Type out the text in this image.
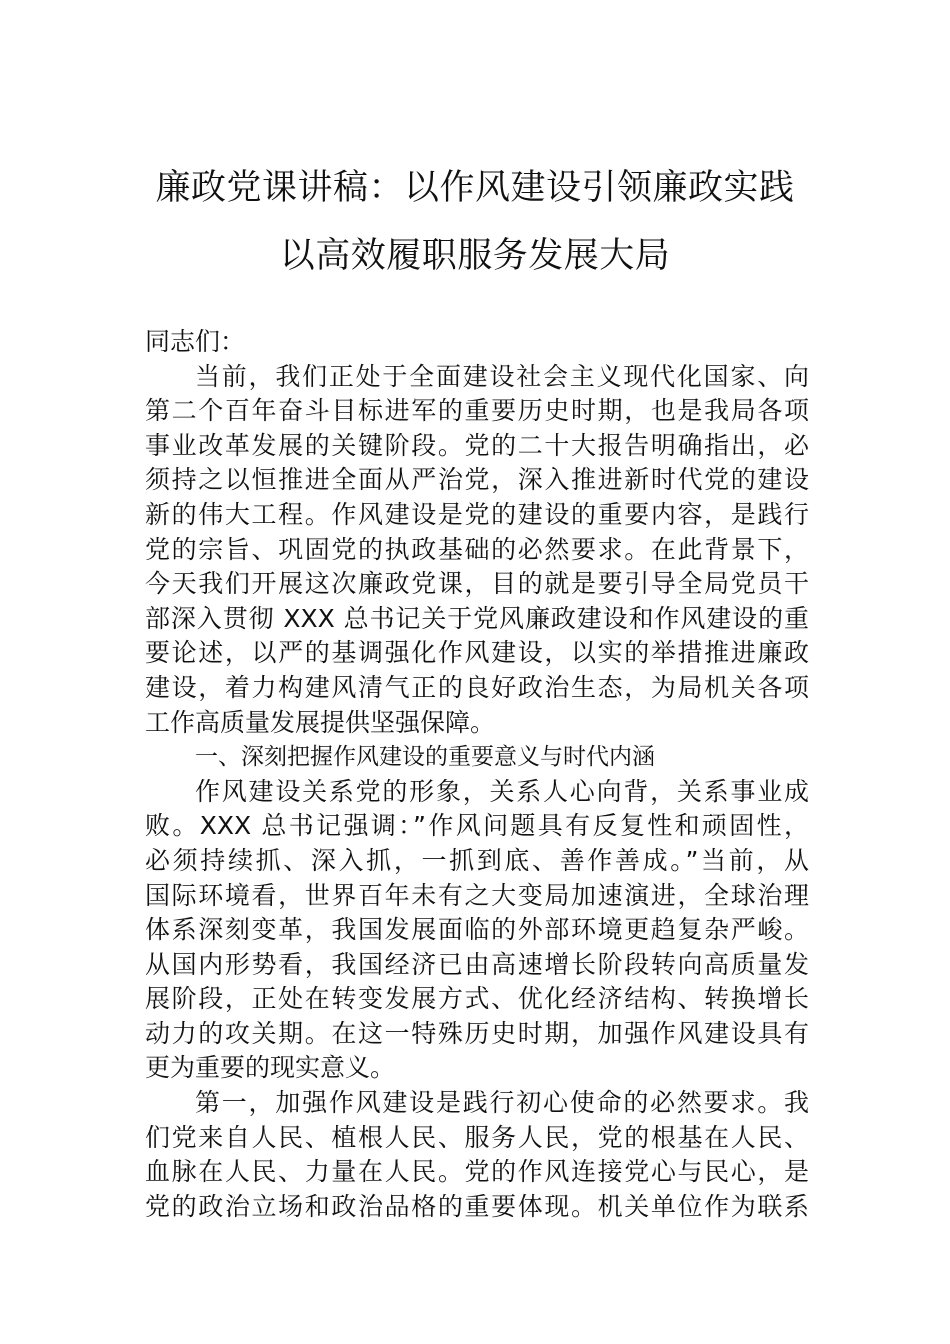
廉政党课讲稿：以作风建设引领廉政实践
以高效履职服务发展大局
同志们：
当前，我们正处于全面建设社会主义现代化国家、向
第二个百年奋斗目标进军的重要历史时期，也是我局各项
事业改革发展的关键阶段。党的二十大报告明确指出，必
须持之以恒推进全面从严治党，深入推进新时代党的建设
新的伟大工程。作风建设是党的建设的重要内容，是践行
党的宗旨、巩固党的执政基础的必然要求。在此背景下，
今天我们开展这次廉政党课，目的就是要引导全局党员干
部深入贯彻 XXX 总书记关于党风廉政建设和作风建设的重
要论述，以严的基调强化作风建设，以实的举措推进廉政
建设，着力构建风清气正的良好政治生态，为局机关各项
工作高质量发展提供坚强保障。
一、深刻把握作风建设的重要意义与时代内涵
作风建设关系党的形象，关系人心向背，关系事业成
败。XXX 总书记强调：”作风问题具有反复性和顽固性，
必须持续抓、深入抓，一抓到底、善作善成。”当前，从
国际环境看，世界百年未有之大变局加速演进，全球治理
体系深刻变革，我国发展面临的外部环境更趋复杂严峻。
从国内形势看，我国经济已由高速增长阶段转向高质量发
展阶段，正处在转变发展方式、优化经济结构、转换增长
动力的攻关期。在这一特殊历史时期，加强作风建设具有
更为重要的现实意义。
第一，加强作风建设是践行初心使命的必然要求。我
们党来自人民、植根人民、服务人民，党的根基在人民、
血脉在人民、力量在人民。党的作风连接党心与民心，是
党的政治立场和政治品格的重要体现。机关单位作为联系
